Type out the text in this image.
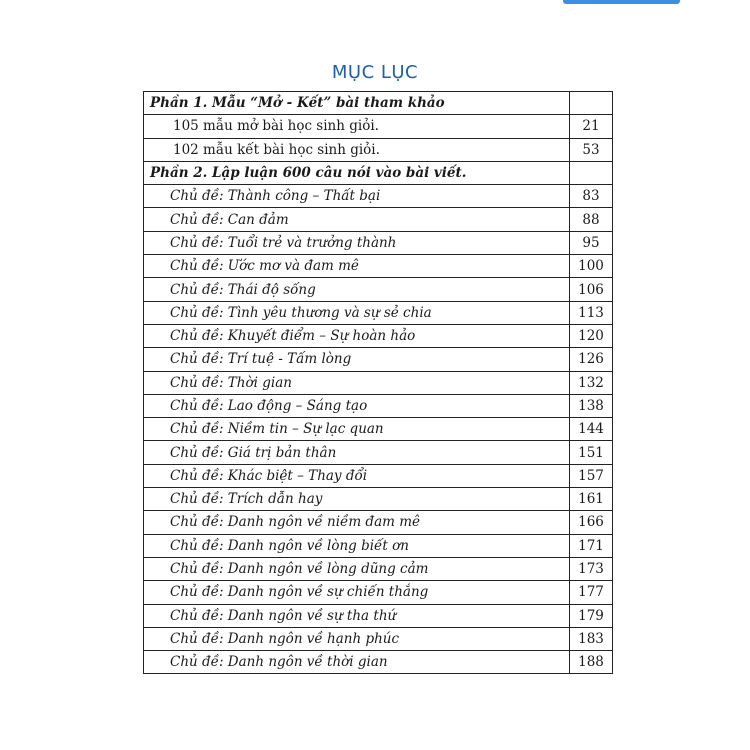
MỤC LỤC
Phần 1. Mẫu “Mở - Kết” bài tham khảo	
105 mẫu mở bài học sinh giỏi.	21
102 mẫu kết bài học sinh giỏi.	53
Phần 2. Lập luận 600 câu nói vào bài viết.	
Chủ đề: Thành công – Thất bại	83
Chủ đề: Can đảm	88
Chủ đề: Tuổi trẻ và trưởng thành	95
Chủ đề: Ước mơ và đam mê	100
Chủ đề: Thái độ sống	106
Chủ đề: Tình yêu thương và sự sẻ chia	113
Chủ đề: Khuyết điểm – Sự hoàn hảo	120
Chủ đề: Trí tuệ - Tấm lòng	126
Chủ đề: Thời gian	132
Chủ đề: Lao động – Sáng tạo	138
Chủ đề: Niềm tin – Sự lạc quan	144
Chủ đề: Giá trị bản thân	151
Chủ đề: Khác biệt – Thay đổi	157
Chủ đề: Trích dẫn hay	161
Chủ đề: Danh ngôn về niềm đam mê	166
Chủ đề: Danh ngôn về lòng biết ơn	171
Chủ đề: Danh ngôn về lòng dũng cảm	173
Chủ đề: Danh ngôn về sự chiến thắng	177
Chủ đề: Danh ngôn về sự tha thứ	179
Chủ đề: Danh ngôn về hạnh phúc	183
Chủ đề: Danh ngôn về thời gian	188
